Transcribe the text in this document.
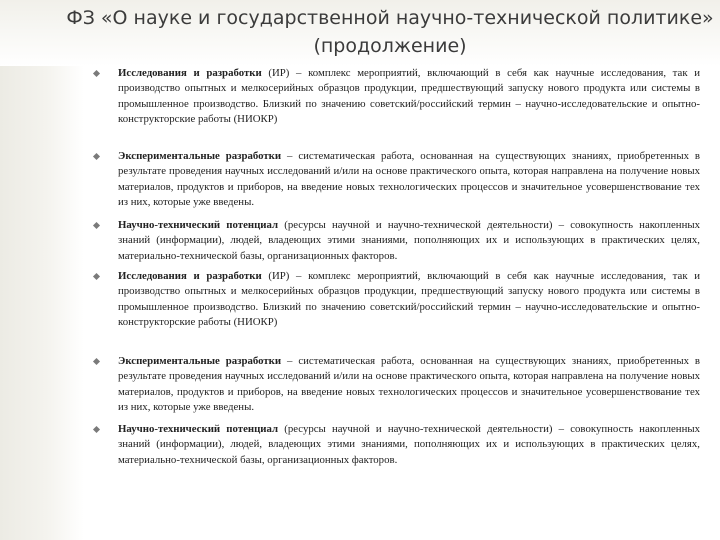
ФЗ «О науке и государственной научно-технической политике» (продолжение)
Исследования и разработки (ИР) – комплекс мероприятий, включающий в себя как научные исследования, так и производство опытных и мелкосерийных образцов продукции, предшествующий запуску нового продукта или системы в промышленное производство. Близкий по значению советский/российский термин – научно-исследовательские и опытно-конструкторские работы (НИОКР)
Экспериментальные разработки – систематическая работа, основанная на существующих знаниях, приобретенных в результате проведения научных исследований и/или на основе практического опыта, которая направлена на получение новых материалов, продуктов и приборов, на введение новых технологических процессов и значительное усовершенствование тех из них, которые уже введены.
Научно-технический потенциал (ресурсы научной и научно-технической деятельности) – совокупность накопленных знаний (информации), людей, владеющих этими знаниями, пополняющих их и использующих в практических целях, материально-технической базы, организационных факторов.
Исследования и разработки (ИР) – комплекс мероприятий, включающий в себя как научные исследования, так и производство опытных и мелкосерийных образцов продукции, предшествующий запуску нового продукта или системы в промышленное производство. Близкий по значению советский/российский термин – научно-исследовательские и опытно-конструкторские работы (НИОКР)
Экспериментальные разработки – систематическая работа, основанная на существующих знаниях, приобретенных в результате проведения научных исследований и/или на основе практического опыта, которая направлена на получение новых материалов, продуктов и приборов, на введение новых технологических процессов и значительное усовершенствование тех из них, которые уже введены.
Научно-технический потенциал (ресурсы научной и научно-технической деятельности) – совокупность накопленных знаний (информации), людей, владеющих этими знаниями, пополняющих их и использующих в практических целях, материально-технической базы, организационных факторов.
